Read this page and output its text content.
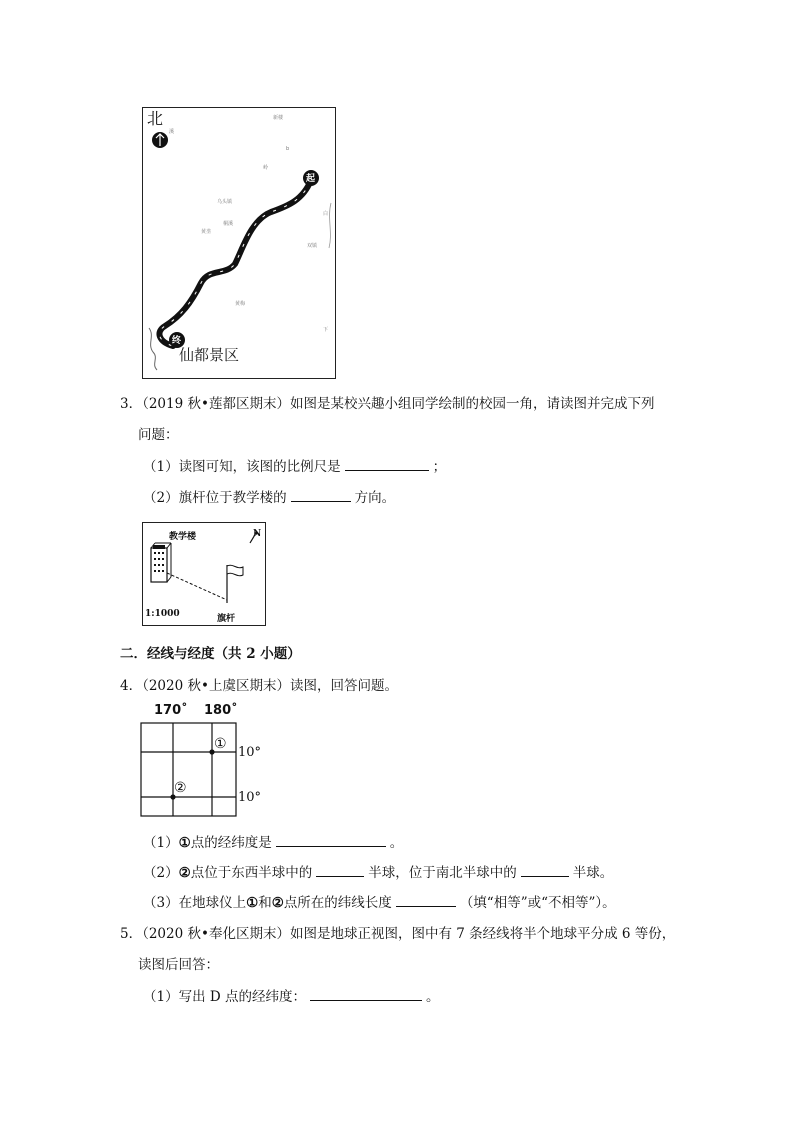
北
起
终
仙都景区
新楼
b
溪
岭
乌头镇
黄垄
桐溪
白
双镇
黄梅
下
3．（2019 秋•莲都区期末）如图是某校兴趣小组同学绘制的校园一角，请读图并完成下列
问题：
（1）读图可知，该图的比例尺是	；
（2）旗杆位于教学楼的	方向。
教学楼	N
1:1000	旗杆
二．经线与经度（共 2 小题）
4．（2020 秋•上虞区期末）读图，回答问题。
170˚ 180˚
①
②
10°
10°
（1）①点的经纬度是	。
（2）②点位于东西半球中的	半球，位于南北半球中的	半球。
（3）在地球仪上①和②点所在的纬线长度	（填“相等”或“不相等”）。
5．（2020 秋•奉化区期末）如图是地球正视图，图中有 7 条经线将半个地球平分成 6 等份，
读图后回答：
（1）写出 D 点的经纬度：	。
